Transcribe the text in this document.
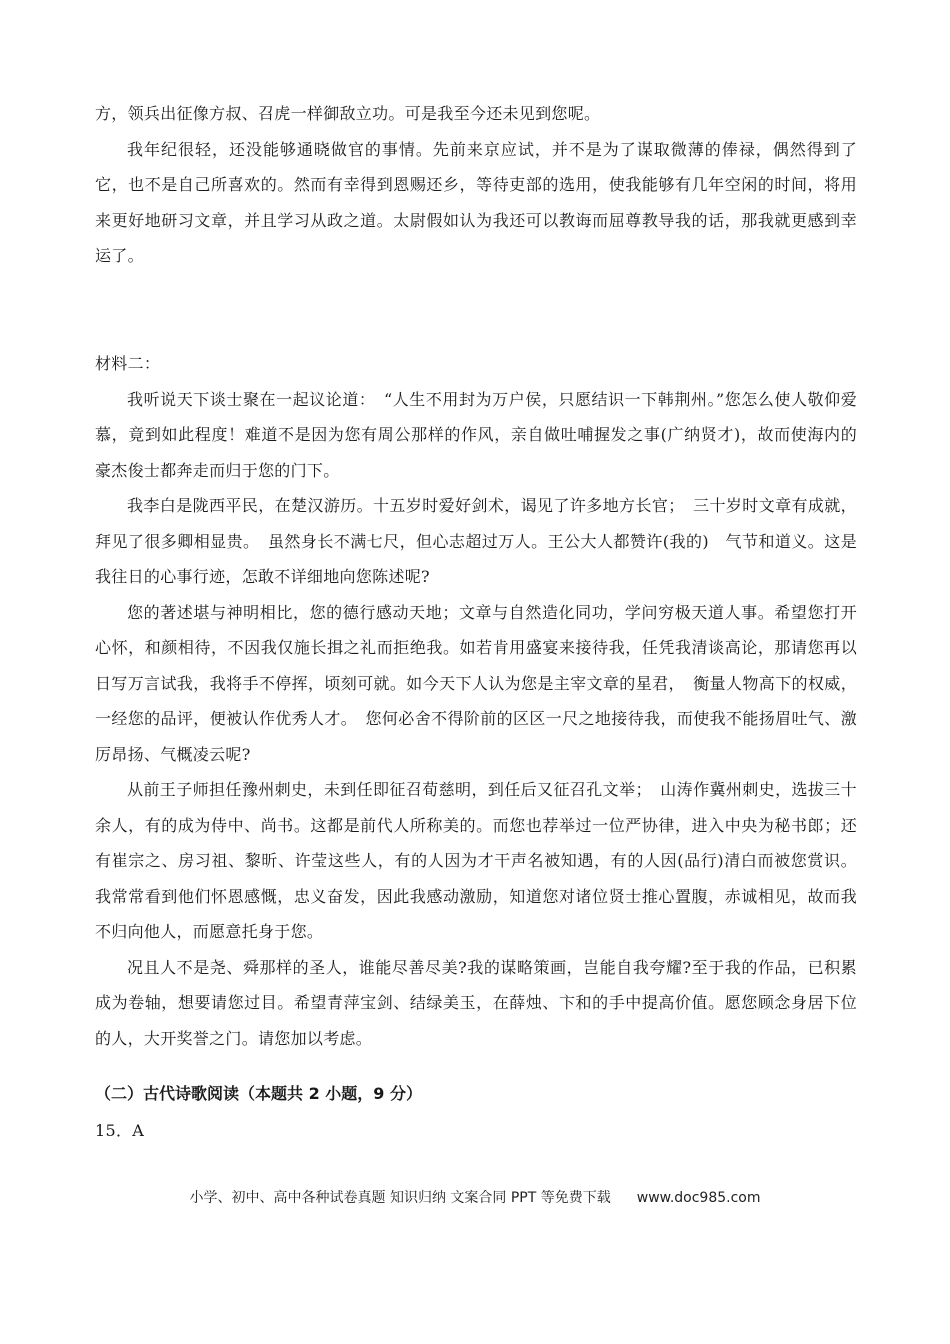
方，领兵出征像方叔、召虎一样御敌立功。可是我至今还未见到您呢。

我年纪很轻，还没能够通晓做官的事情。先前来京应试，并不是为了谋取微薄的俸禄，偶然得到了它，也不是自己所喜欢的。然而有幸得到恩赐还乡，等待吏部的选用，使我能够有几年空闲的时间，将用来更好地研习文章，并且学习从政之道。太尉假如认为我还可以教诲而屈尊教导我的话，那我就更感到幸运了。

材料二：

我听说天下谈士聚在一起议论道：　“人生不用封为万户侯，只愿结识一下韩荆州。”您怎么使人敬仰爱慕，竟到如此程度！难道不是因为您有周公那样的作风，亲自做吐哺握发之事(广纳贤才)，故而使海内的豪杰俊士都奔走而归于您的门下。

我李白是陇西平民，在楚汉游历。十五岁时爱好剑术，谒见了许多地方长官；　三十岁时文章有成就，拜见了很多卿相显贵。　虽然身长不满七尺，但心志超过万人。王公大人都赞许(我的)　气节和道义。这是我往日的心事行迹，怎敢不详细地向您陈述呢?

您的著述堪与神明相比，您的德行感动天地；文章与自然造化同功，学问穷极天道人事。希望您打开心怀，和颜相待，不因我仅施长揖之礼而拒绝我。如若肯用盛宴来接待我，任凭我清谈高论，那请您再以日写万言试我，我将手不停挥，顷刻可就。如今天下人认为您是主宰文章的星君，　衡量人物高下的权威，一经您的品评，便被认作优秀人才。　您何必舍不得阶前的区区一尺之地接待我，而使我不能扬眉吐气、激厉昂扬、气概凌云呢?

从前王子师担任豫州刺史，未到任即征召荀慈明，到任后又征召孔文举；　山涛作冀州刺史，选拔三十余人，有的成为侍中、尚书。这都是前代人所称美的。而您也荐举过一位严协律，进入中央为秘书郎；还有崔宗之、房习祖、黎昕、许莹这些人，有的人因为才干声名被知遇，有的人因(品行)清白而被您赏识。我常常看到他们怀恩感慨，忠义奋发，因此我感动激励，知道您对诸位贤士推心置腹，赤诚相见，故而我不归向他人，而愿意托身于您。

况且人不是尧、舜那样的圣人，谁能尽善尽美?我的谋略策画，岂能自我夸耀?至于我的作品，已积累成为卷轴，想要请您过目。希望青萍宝剑、结绿美玉，在薛烛、卞和的手中提高价值。愿您顾念身居下位的人，大开奖誉之门。请您加以考虑。

（二）古代诗歌阅读（本题共 2 小题，9 分）

15．A

小学、初中、高中各种试卷真题 知识归纳 文案合同 PPT 等免费下载 www.doc985.com
